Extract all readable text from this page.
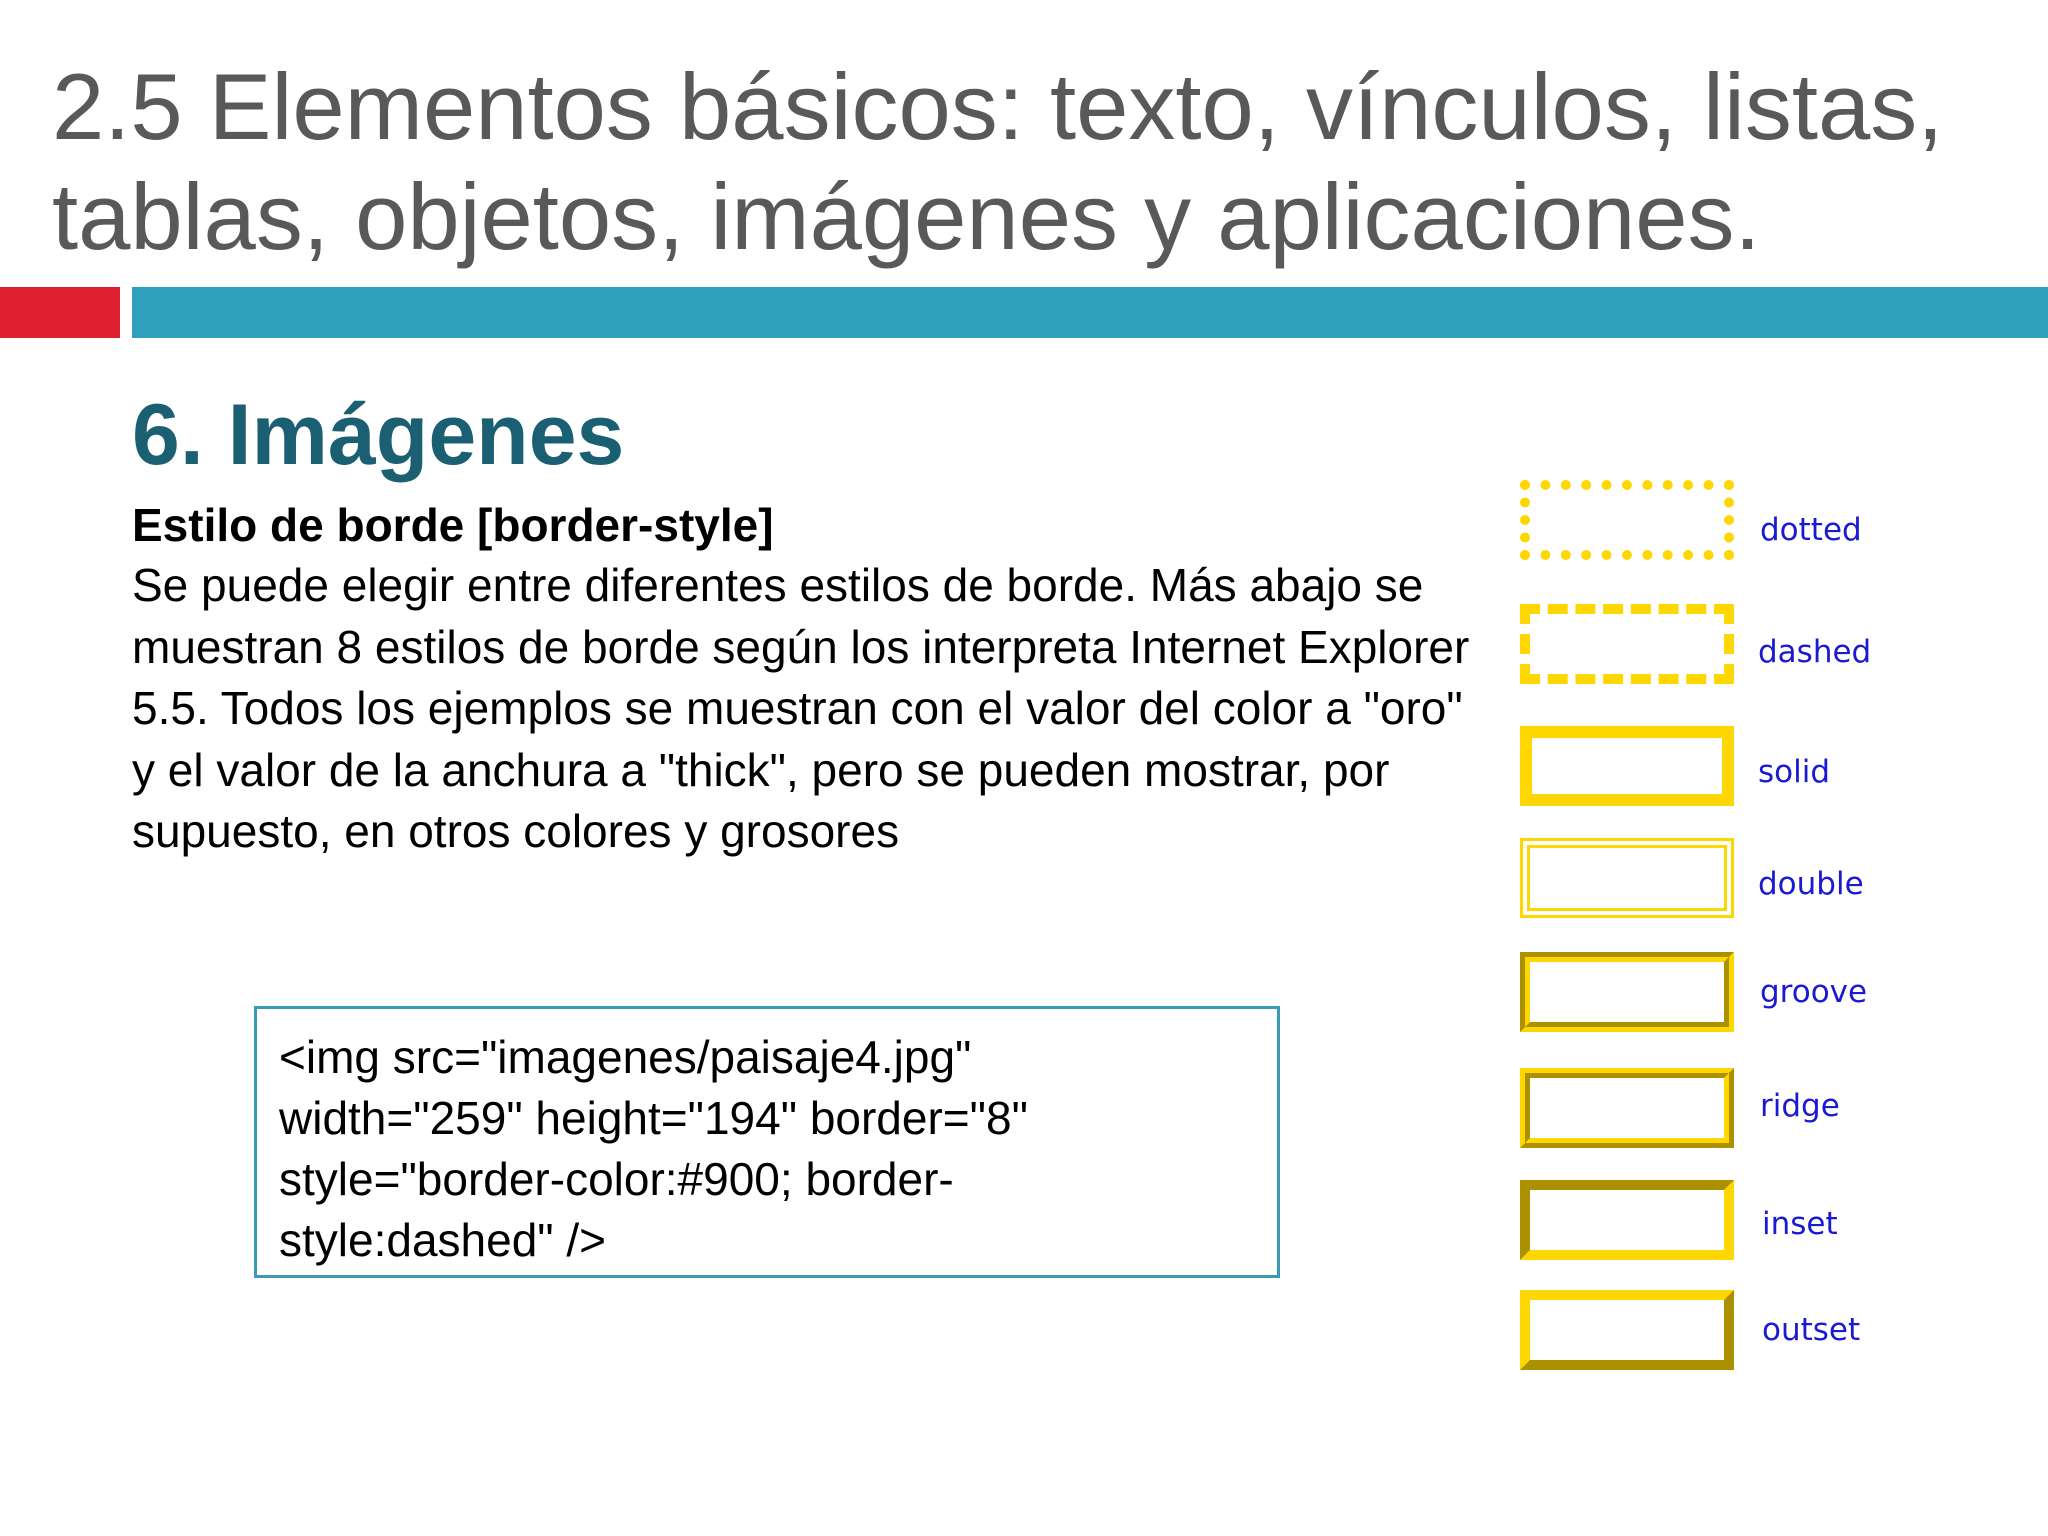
2.5 Elementos básicos: texto, vínculos, listas,
tablas, objetos, imágenes y aplicaciones.
6. Imágenes

Estilo de borde [border-style]

Se puede elegir entre diferentes estilos de borde. Más abajo se muestran 8 estilos de borde según los interpreta Internet Explorer 5.5. Todos los ejemplos se muestran con el valor del color a "oro" y el valor de la anchura a "thick", pero se pueden mostrar, por supuesto, en otros colores y grosores

<img src="imagenes/paisaje4.jpg"
width="259" height="194" border="8"
style="border-color:#900; border-
style:dashed" />
dotted
dashed
solid
double
groove
ridge
inset
outset
